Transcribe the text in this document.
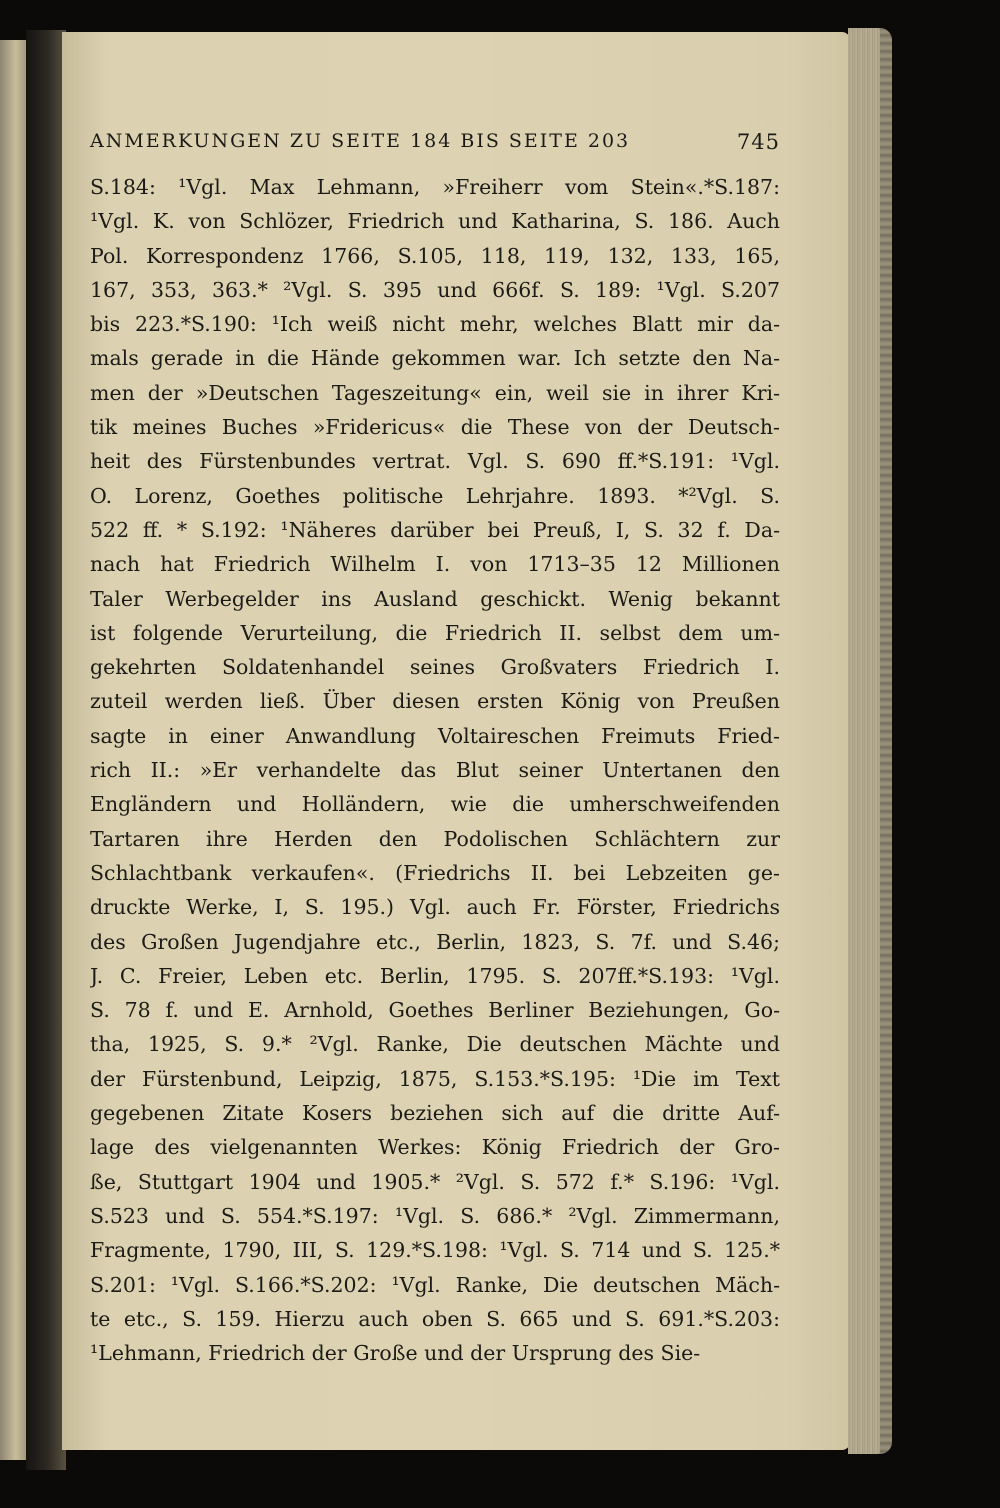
ANMERKUNGEN ZU SEITE 184 BIS SEITE 203	745
S.184: ¹Vgl. Max Lehmann, »Freiherr vom Stein«.*S.187:
¹Vgl. K. von Schlözer, Friedrich und Katharina, S. 186. Auch
Pol. Korrespondenz 1766, S.105, 118, 119, 132, 133, 165,
167, 353, 363.* ²Vgl. S. 395 und 666f. S. 189: ¹Vgl. S.207
bis 223.*S.190: ¹Ich weiß nicht mehr, welches Blatt mir da-
mals gerade in die Hände gekommen war. Ich setzte den Na-
men der »Deutschen Tageszeitung« ein, weil sie in ihrer Kri-
tik meines Buches »Fridericus« die These von der Deutsch-
heit des Fürstenbundes vertrat. Vgl. S. 690 ff.*S.191: ¹Vgl.
O. Lorenz, Goethes politische Lehrjahre. 1893. *²Vgl. S.
522 ff. * S.192: ¹Näheres darüber bei Preuß, I, S. 32 f. Da-
nach hat Friedrich Wilhelm I. von 1713–35 12 Millionen
Taler Werbegelder ins Ausland geschickt. Wenig bekannt
ist folgende Verurteilung, die Friedrich II. selbst dem um-
gekehrten Soldatenhandel seines Großvaters Friedrich I.
zuteil werden ließ. Über diesen ersten König von Preußen
sagte in einer Anwandlung Voltaireschen Freimuts Fried-
rich II.: »Er verhandelte das Blut seiner Untertanen den
Engländern und Holländern, wie die umherschweifenden
Tartaren ihre Herden den Podolischen Schlächtern zur
Schlachtbank verkaufen«. (Friedrichs II. bei Lebzeiten ge-
druckte Werke, I, S. 195.) Vgl. auch Fr. Förster, Friedrichs
des Großen Jugendjahre etc., Berlin, 1823, S. 7f. und S.46;
J. C. Freier, Leben etc. Berlin, 1795. S. 207ff.*S.193: ¹Vgl.
S. 78 f. und E. Arnhold, Goethes Berliner Beziehungen, Go-
tha, 1925, S. 9.* ²Vgl. Ranke, Die deutschen Mächte und
der Fürstenbund, Leipzig, 1875, S.153.*S.195: ¹Die im Text
gegebenen Zitate Kosers beziehen sich auf die dritte Auf-
lage des vielgenannten Werkes: König Friedrich der Gro-
ße, Stuttgart 1904 und 1905.* ²Vgl. S. 572 f.* S.196: ¹Vgl.
S.523 und S. 554.*S.197: ¹Vgl. S. 686.* ²Vgl. Zimmermann,
Fragmente, 1790, III, S. 129.*S.198: ¹Vgl. S. 714 und S. 125.*
S.201: ¹Vgl. S.166.*S.202: ¹Vgl. Ranke, Die deutschen Mäch-
te etc., S. 159. Hierzu auch oben S. 665 und S. 691.*S.203:
¹Lehmann, Friedrich der Große und der Ursprung des Sie-
